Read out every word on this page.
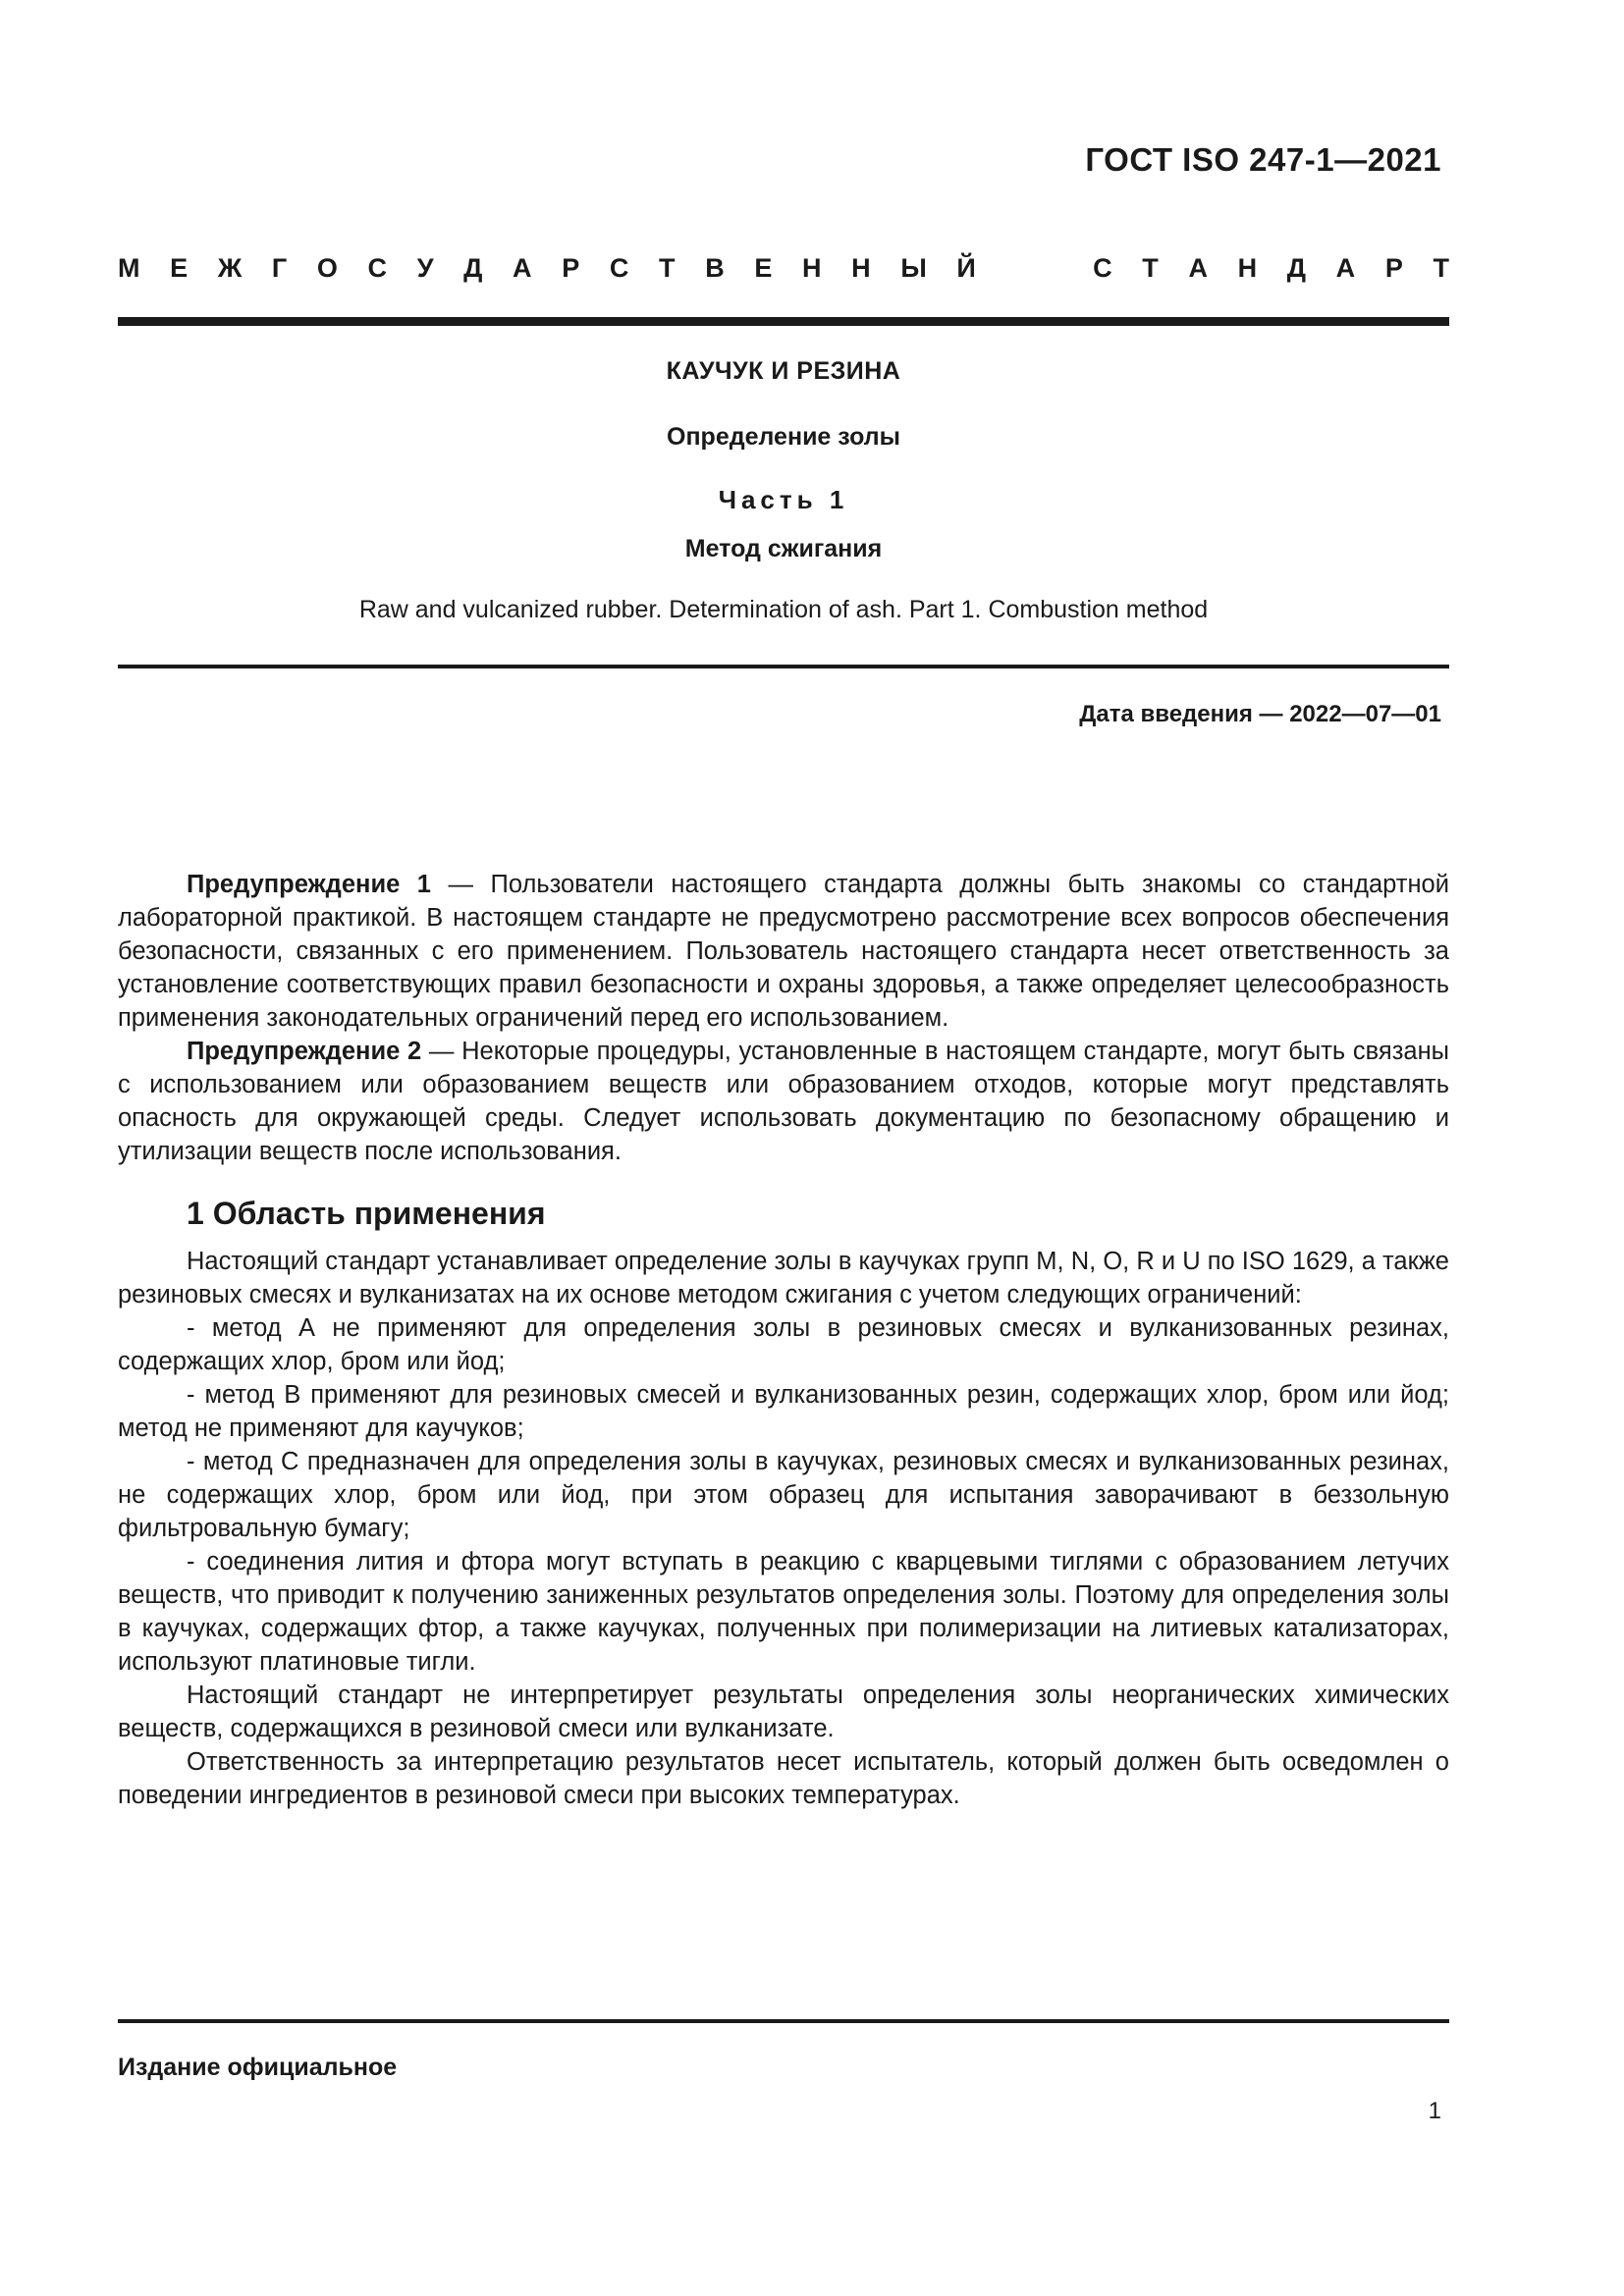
ГОСТ ISO 247-1—2021
М Е Ж Г О С У Д А Р С Т В Е Н Н Ы Й	С Т А Н Д А Р Т
КАУЧУК И РЕЗИНА
Определение золы
Часть 1
Метод сжигания
Raw and vulcanized rubber. Determination of ash. Part 1. Combustion method
Дата введения — 2022—07—01

Предупреждение 1 — Пользователи настоящего стандарта должны быть знакомы со стандартной лабораторной практикой. В настоящем стандарте не предусмотрено рассмотрение всех вопросов обеспечения безопасности, связанных с его применением. Пользователь настоящего стандарта несет ответственность за установление соответствующих правил безопасности и охраны здоровья, а также определяет целесообразность применения законодательных ограничений перед его использованием.

Предупреждение 2 — Некоторые процедуры, установленные в настоящем стандарте, могут быть связаны с использованием или образованием веществ или образованием отходов, которые могут представлять опасность для окружающей среды. Следует использовать документацию по безопасному обращению и утилизации веществ после использования.

1 Область применения

Настоящий стандарт устанавливает определение золы в каучуках групп М, N, O, R и U по ISO 1629, а также резиновых смесях и вулканизатах на их основе методом сжигания с учетом следующих ограничений:

- метод А не применяют для определения золы в резиновых смесях и вулканизованных резинах, содержащих хлор, бром или йод;

- метод В применяют для резиновых смесей и вулканизованных резин, содержащих хлор, бром или йод; метод не применяют для каучуков;

- метод С предназначен для определения золы в каучуках, резиновых смесях и вулканизованных резинах, не содержащих хлор, бром или йод, при этом образец для испытания заворачивают в беззольную фильтровальную бумагу;

- соединения лития и фтора могут вступать в реакцию с кварцевыми тиглями с образованием летучих веществ, что приводит к получению заниженных результатов определения золы. Поэтому для определения золы в каучуках, содержащих фтор, а также каучуках, полученных при полимеризации на литиевых катализаторах, используют платиновые тигли.

Настоящий стандарт не интерпретирует результаты определения золы неорганических химических веществ, содержащихся в резиновой смеси или вулканизате.

Ответственность за интерпретацию результатов несет испытатель, который должен быть осведомлен о поведении ингредиентов в резиновой смеси при высоких температурах.

Издание официальное
1
